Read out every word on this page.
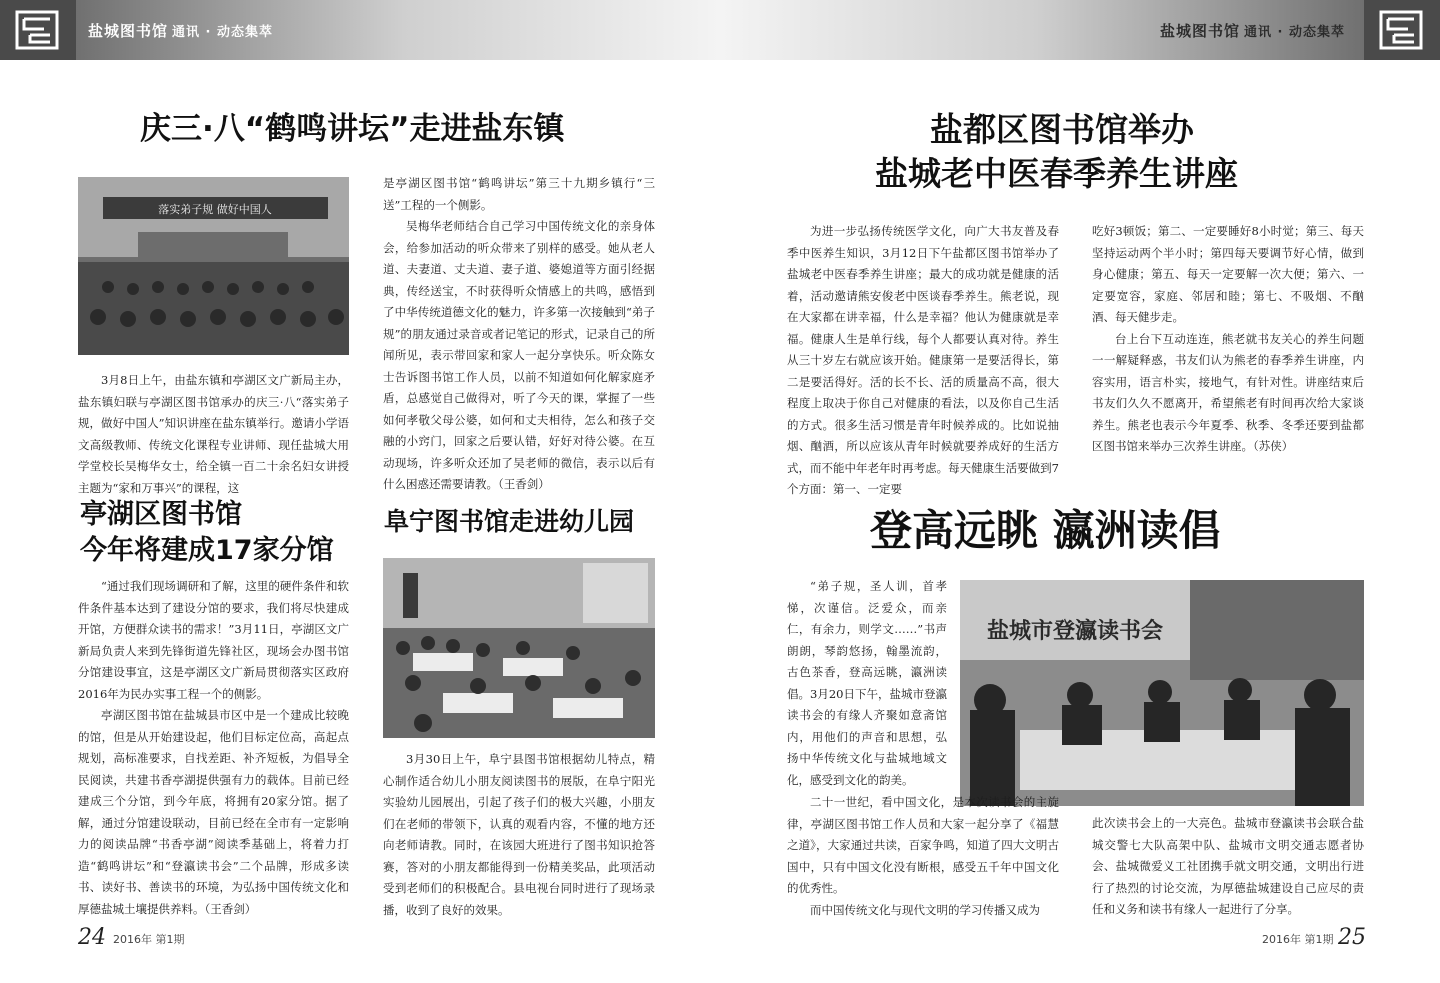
盐城图书馆 通讯 · 动态集萃	盐城图书馆 通讯 · 动态集萃
庆三·八“鹤鸣讲坛”走进盐东镇
落实弟子规 做好中国人

3月8日上午，由盐东镇和亭湖区文广新局主办，盐东镇妇联与亭湖区图书馆承办的庆三·八“落实弟子规，做好中国人”知识讲座在盐东镇举行。邀请小学语文高级教师、传统文化课程专业讲师、现任盐城大用学堂校长吴梅华女士，给全镇一百二十余名妇女讲授主题为“家和万事兴”的课程，这

是亭湖区图书馆“鹤鸣讲坛”第三十九期乡镇行“三送”工程的一个侧影。

吴梅华老师结合自己学习中国传统文化的亲身体会，给参加活动的听众带来了别样的感受。她从老人道、夫妻道、丈夫道、妻子道、婆媳道等方面引经据典，传经送宝，不时获得听众情感上的共鸣，感悟到了中华传统道德文化的魅力，许多第一次接触到“弟子规”的朋友通过录音或者记笔记的形式，记录自己的所闻所见，表示带回家和家人一起分享快乐。听众陈女士告诉图书馆工作人员，以前不知道如何化解家庭矛盾，总感觉自己做得对，听了今天的课，掌握了一些如何孝敬父母公婆，如何和丈夫相待，怎么和孩子交融的小窍门，回家之后要认错，好好对待公婆。在互动现场，许多听众还加了吴老师的微信，表示以后有什么困惑还需要请教。（王香剑）

亭湖区图书馆
今年将建成17家分馆

“通过我们现场调研和了解，这里的硬件条件和软件条件基本达到了建设分馆的要求，我们将尽快建成开馆，方便群众读书的需求！”3月11日，亭湖区文广新局负责人来到先锋街道先锋社区，现场会办图书馆分馆建设事宜，这是亭湖区文广新局贯彻落实区政府2016年为民办实事工程一个的侧影。

亭湖区图书馆在盐城县市区中是一个建成比较晚的馆，但是从开始建设起，他们目标定位高，高起点规划，高标准要求，自找差距、补齐短板，为倡导全民阅读，共建书香亭湖提供强有力的载体。目前已经建成三个分馆，到今年底，将拥有20家分馆。据了解，通过分馆建设联动，目前已经在全市有一定影响力的阅读品牌“书香亭湖”阅读季基础上，将着力打造“鹤鸣讲坛”和“登瀛读书会”二个品牌，形成多读书、读好书、善读书的环境，为弘扬中国传统文化和厚德盐城土壤提供养料。（王香剑）

阜宁图书馆走进幼儿园

3月30日上午，阜宁县图书馆根据幼儿特点，精心制作适合幼儿小朋友阅读图书的展版，在阜宁阳光实验幼儿园展出，引起了孩子们的极大兴趣，小朋友们在老师的带领下，认真的观看内容，不懂的地方还向老师请教。同时，在该园大班进行了图书知识抢答赛，答对的小朋友都能得到一份精美奖品，此项活动受到老师们的积极配合。县电视台同时进行了现场录播，收到了良好的效果。

24 2016年 第1期
盐都区图书馆举办
盐城老中医春季养生讲座

为进一步弘扬传统医学文化，向广大书友普及春季中医养生知识，3月12日下午盐都区图书馆举办了盐城老中医春季养生讲座；最大的成功就是健康的活着，活动邀请熊安俊老中医谈春季养生。熊老说，现在大家都在讲幸福，什么是幸福？他认为健康就是幸福。健康人生是单行线，每个人都要认真对待。养生从三十岁左右就应该开始。健康第一是要活得长，第二是要活得好。活的长不长、活的质量高不高，很大程度上取决于你自己对健康的看法，以及你自己生活的方式。很多生活习惯是青年时候养成的。比如说抽烟、酗酒，所以应该从青年时候就要养成好的生活方式，而不能中年老年时再考虑。每天健康生活要做到7个方面：第一、一定要

吃好3顿饭；第二、一定要睡好8小时觉；第三、每天坚持运动两个半小时；第四每天要调节好心情，做到身心健康；第五、每天一定要解一次大便；第六、一定要宽容，家庭、邻居和睦；第七、不吸烟、不酗酒、每天健步走。

台上台下互动连连，熊老就书友关心的养生问题一一解疑释惑，书友们认为熊老的春季养生讲座，内容实用，语言朴实，接地气，有针对性。讲座结束后书友们久久不愿离开，希望熊老有时间再次给大家谈养生。熊老也表示今年夏季、秋季、冬季还要到盐都区图书馆来举办三次养生讲座。（苏侠）

登高远眺 瀛洲读倡
盐城市登瀛读书会

“弟子规，圣人训，首孝悌，次谨信。泛爱众，而亲仁，有余力，则学文……”书声朗朗，琴韵悠扬，翰墨流韵，古色茶香，登高远眺，瀛洲读倡。3月20日下午，盐城市登瀛读书会的有缘人齐聚如意斋馆内，用他们的声音和思想，弘扬中华传统文化与盐城地域文化，感受到文化的韵美。

二十一世纪，看中国文化，是本次读书会的主旋律，亭湖区图书馆工作人员和大家一起分享了《福慧之道》，大家通过共读，百家争鸣，知道了四大文明古国中，只有中国文化没有断根，感受五千年中国文化的优秀性。

而中国传统文化与现代文明的学习传播又成为

此次读书会上的一大亮色。盐城市登瀛读书会联合盐城交警七大队高架中队、盐城市文明交通志愿者协会、盐城微爱义工社团携手就文明交通，文明出行进行了热烈的讨论交流，为厚德盐城建设自己应尽的责任和义务和读书有缘人一起进行了分享。

2016年 第1期 25
